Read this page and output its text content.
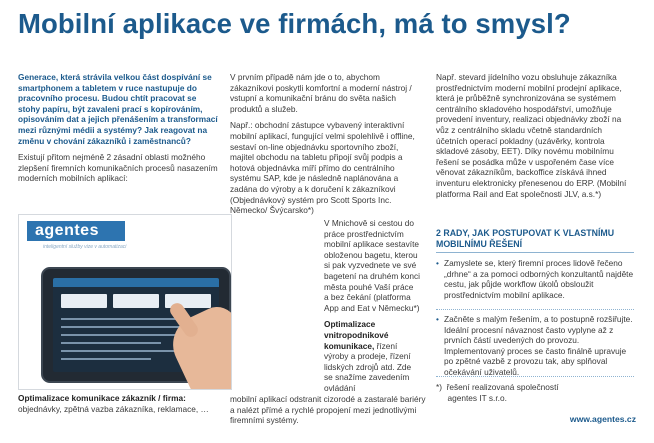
Mobilní aplikace ve firmách, má to smysl?

Generace, která strávila velkou část dospívání se smartphonem a tabletem v ruce nastupuje do pracovního procesu. Budou chtít pracovat se stohy papíru, být zavaleni prací s kopírováním, opisováním dat a jejich přenášením a transformací mezi různými médii a systémy? Jak reagovat na změnu v chování zákazníků i zaměstnanců?

Existují přitom nejméně 2 zásadní oblasti možného zlepšení firemních komunikačních procesů nasazením moderních mobilních aplikací:

agentes
inteligentní služby vize v automatizaci
Optimalizace komunikace zákazník / firma: objednávky, zpětná vazba zákazníka, reklamace, …

V prvním případě nám jde o to, abychom zákazníkovi poskytli komfortní a moderní nástroj / vstupní a komunikační bránu do světa našich produktů a služeb.

Např.: obchodní zástupce vybavený interaktivní mobilní aplikací, fungující velmi spolehlivě i offline, sestaví on-line objednávku sportovního zboží, majitel obchodu na tabletu připojí svůj podpis a hotová objednávka míří přímo do centrálního systému SAP, kde je následně naplánována a zadána do výroby a k doručení k zákazníkovi (Objednávkový systém pro Scott Sports Inc. Německo/ Švýcarsko*)

V Mnichově si cestou do práce prostřednictvím mobilní aplikace sestavíte obloženou bagetu, kterou si pak vyzvednete ve své bagetení na druhém konci města pouhé Vaší práce a bez čekání (platforma App and Eat v Německu*)

Optimalizace vnitropodnikové komunikace, řízení výroby a prodeje, řízení lidských zdrojů atd. Zde se snažíme zavedením ovládání

mobilní aplikací odstranit cizorodé a zastaralé bariéry a nalézt přímé a rychlé propojení mezi jednotlivými firemními systémy.

Např. stevard jídelního vozu obsluhuje zákazníka prostřednictvím moderní mobilní prodejní aplikace, která je průběžně synchronizována se systémem centrálního skladového hospodářství, umožňuje provedení inventury, realizaci objednávky zboží na vůz z centrálního skladu včetně standardních účetních operací pokladny (uzávěrky, kontrola skladové zásoby, EET). Díky novému mobilnímu řešení se posádka může v uspořeném čase více věnovat zákazníkům, backoffice získává ihned inventuru elektronicky přenesenou do ERP. (Mobilní platforma Rail and Eat společnosti JLV, a.s.*)

2 RADY, JAK POSTUPOVAT K VLASTNÍMU MOBILNÍMU ŘEŠENÍ
• Zamyslete se, který firemní proces lidově řečeno „drhne“ a za pomoci odborných konzultantů najděte cestu, jak půjde workflow úkolů obsloužit prostřednictvím mobilní aplikace.
• Začněte s malým řešením, a to postupně rozšiřujte. Ideální procesní návaznost často vyplyne až z prvních částí uvedených do provozu. Implementovaný proces se často finálně upravuje po zpětné vazbě z provozu tak, aby splňoval očekávání uživatelů.
*)  řešení realizovaná společností
agentes IT s.r.o.
www.agentes.cz
